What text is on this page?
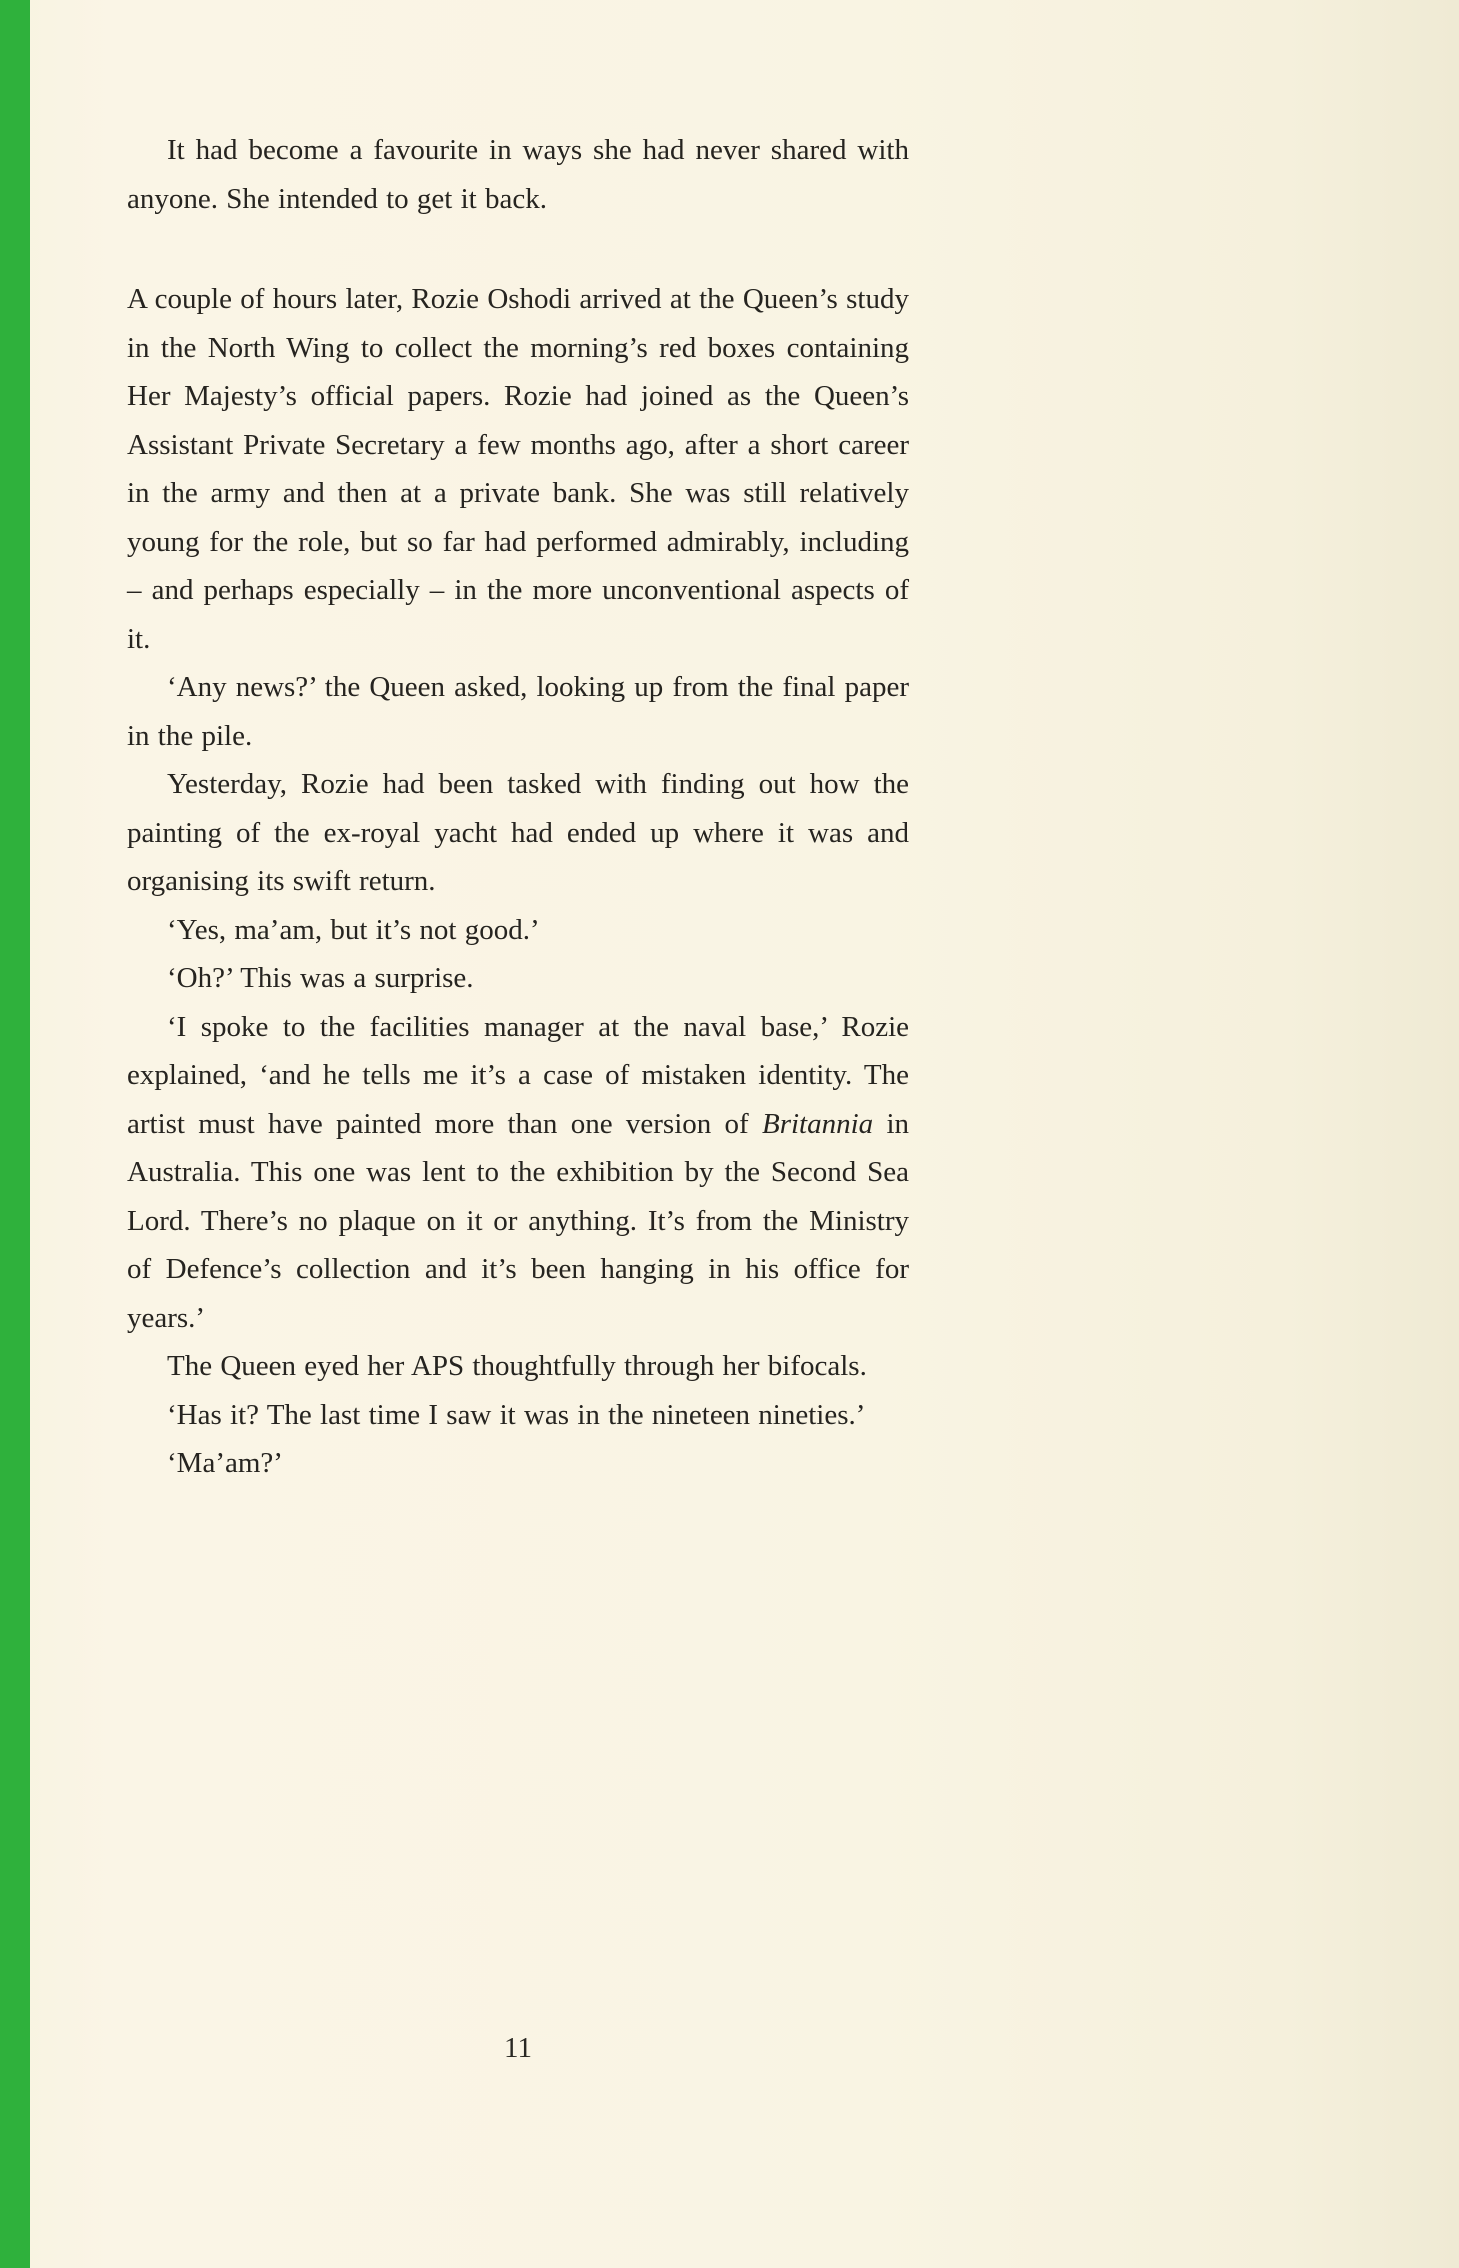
It had become a favourite in ways she had never shared with anyone. She intended to get it back.

A couple of hours later, Rozie Oshodi arrived at the Queen’s study in the North Wing to collect the morning’s red boxes containing Her Majesty’s official papers. Rozie had joined as the Queen’s Assistant Private Secretary a few months ago, after a short career in the army and then at a private bank. She was still relatively young for the role, but so far had performed admirably, including – and perhaps especially – in the more unconventional aspects of it.

‘Any news?’ the Queen asked, looking up from the final paper in the pile.

Yesterday, Rozie had been tasked with finding out how the painting of the ex-royal yacht had ended up where it was and organising its swift return.

‘Yes, ma’am, but it’s not good.’

‘Oh?’ This was a surprise.

‘I spoke to the facilities manager at the naval base,’ Rozie explained, ‘and he tells me it’s a case of mistaken identity. The artist must have painted more than one version of Britannia in Australia. This one was lent to the exhibition by the Second Sea Lord. There’s no plaque on it or anything. It’s from the Ministry of Defence’s collection and it’s been hanging in his office for years.’

The Queen eyed her APS thoughtfully through her bifocals.

‘Has it? The last time I saw it was in the nineteen nineties.’

‘Ma’am?’

11
